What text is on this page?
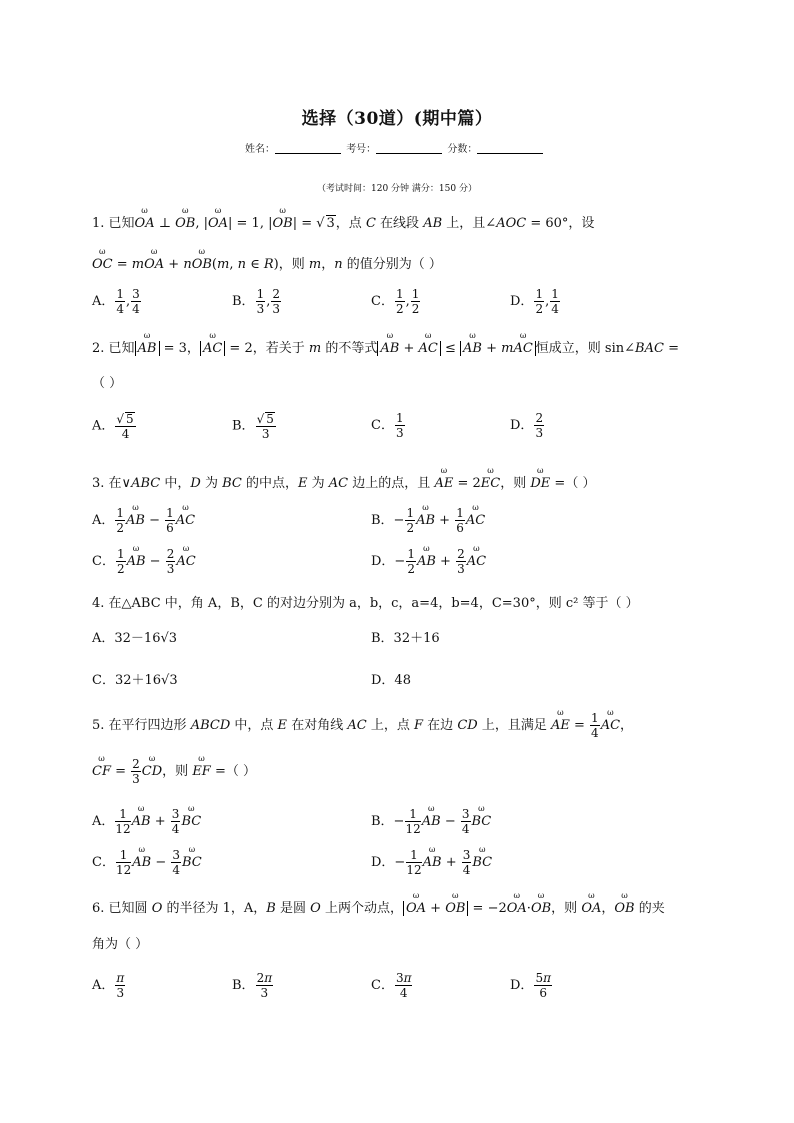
选择（30道）(期中篇）
姓名：	考号：	分数：
（考试时间：120 分钟 满分：150 分）
1. 已知ω OA ⊥ ω OB, |ω OA| = 1, |ω OB| = √ 3，点 C 在线段 AB 上，且∠AOC = 60°，设
ω OC = mω OA + nω OB(m, n ∈ R)，则 m，n 的值分别为（ ）
A． $\frac{1}{4}$ , $\frac{3}{4}$	B． $\frac{1}{3}$ , $\frac{2}{3}$	C． $\frac{1}{2}$ , $\frac{1}{2}$	D． $\frac{1}{2}$ , $\frac{1}{4}$
2. 已知 ω AB = 3， ω AC = 2，若关于 m 的不等式 ω AB + ω AC ≤ ω AB + mω AC 恒成立，则 sin∠BAC =
（ ）
A． $\frac{√ 5}{4}$	B． $\frac{√ 5}{3}$	C． $\frac{1}{3}$	D． $\frac{2}{3}$
3. 在∨ABC 中，D 为 BC 的中点，E 为 AC 边上的点，且 ω AE = 2ω EC，则 ω DE =（ ）
A． $\frac{1}{2}$ ω AB − $\frac{1}{6}$ ω AC	B．− $\frac{1}{2}$ ω AB + $\frac{1}{6}$ ω AC
C． $\frac{1}{2}$ ω AB − $\frac{2}{3}$ ω AC	D．− $\frac{1}{2}$ ω AB + $\frac{2}{3}$ ω AC
4. 在△ABC 中，角 A，B，C 的对边分别为 a，b，c，a=4，b=4，C=30°，则 c² 等于（ ）
A．32－16√3	B．32＋16
C．32＋16√3	D．48
5. 在平行四边形 ABCD 中，点 E 在对角线 AC 上，点 F 在边 CD 上，且满足 ω AE = $\frac{1}{4}$ ω AC，
ω CF = $\frac{2}{3}$ ω CD，则 ω EF =（ ）
A． $\frac{1}{12}$ ω AB + $\frac{3}{4}$ ω BC	B．− $\frac{1}{12}$ ω AB − $\frac{3}{4}$ ω BC
C． $\frac{1}{12}$ ω AB − $\frac{3}{4}$ ω BC	D．− $\frac{1}{12}$ ω AB + $\frac{3}{4}$ ω BC
6. 已知圆 O 的半径为 1，A，B 是圆 O 上两个动点， ω OA + ω OB = −2ω OA·ω OB，则 ω OA，ω OB 的夹
角为（ ）
A． $\frac{\pi}{3}$	B． $\frac{2\pi}{3}$	C． $\frac{3\pi}{4}$	D． $\frac{5\pi}{6}$
